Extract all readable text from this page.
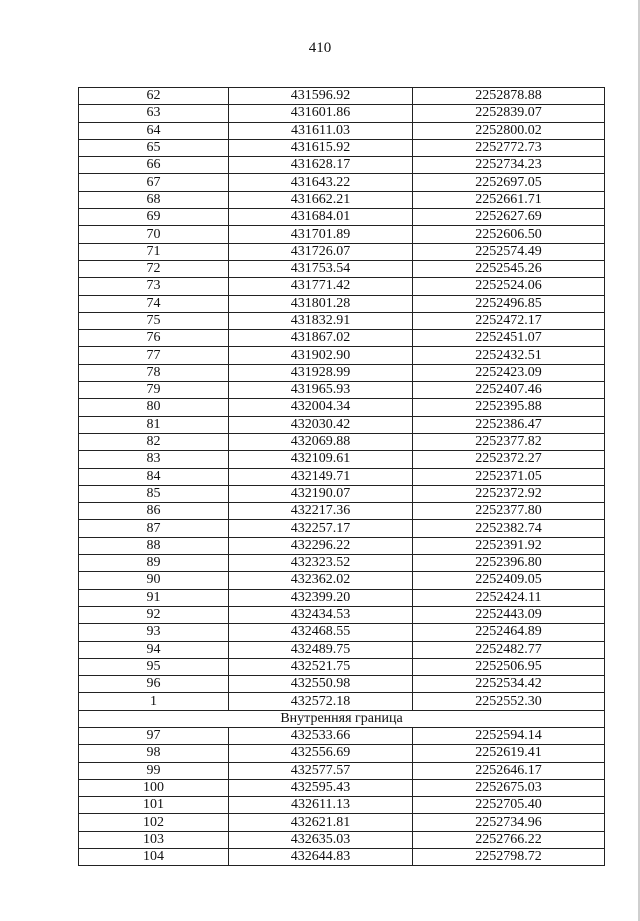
410
62	431596.92	2252878.88
63	431601.86	2252839.07
64	431611.03	2252800.02
65	431615.92	2252772.73
66	431628.17	2252734.23
67	431643.22	2252697.05
68	431662.21	2252661.71
69	431684.01	2252627.69
70	431701.89	2252606.50
71	431726.07	2252574.49
72	431753.54	2252545.26
73	431771.42	2252524.06
74	431801.28	2252496.85
75	431832.91	2252472.17
76	431867.02	2252451.07
77	431902.90	2252432.51
78	431928.99	2252423.09
79	431965.93	2252407.46
80	432004.34	2252395.88
81	432030.42	2252386.47
82	432069.88	2252377.82
83	432109.61	2252372.27
84	432149.71	2252371.05
85	432190.07	2252372.92
86	432217.36	2252377.80
87	432257.17	2252382.74
88	432296.22	2252391.92
89	432323.52	2252396.80
90	432362.02	2252409.05
91	432399.20	2252424.11
92	432434.53	2252443.09
93	432468.55	2252464.89
94	432489.75	2252482.77
95	432521.75	2252506.95
96	432550.98	2252534.42
1	432572.18	2252552.30
Внутренняя граница		
97	432533.66	2252594.14
98	432556.69	2252619.41
99	432577.57	2252646.17
100	432595.43	2252675.03
101	432611.13	2252705.40
102	432621.81	2252734.96
103	432635.03	2252766.22
104	432644.83	2252798.72
